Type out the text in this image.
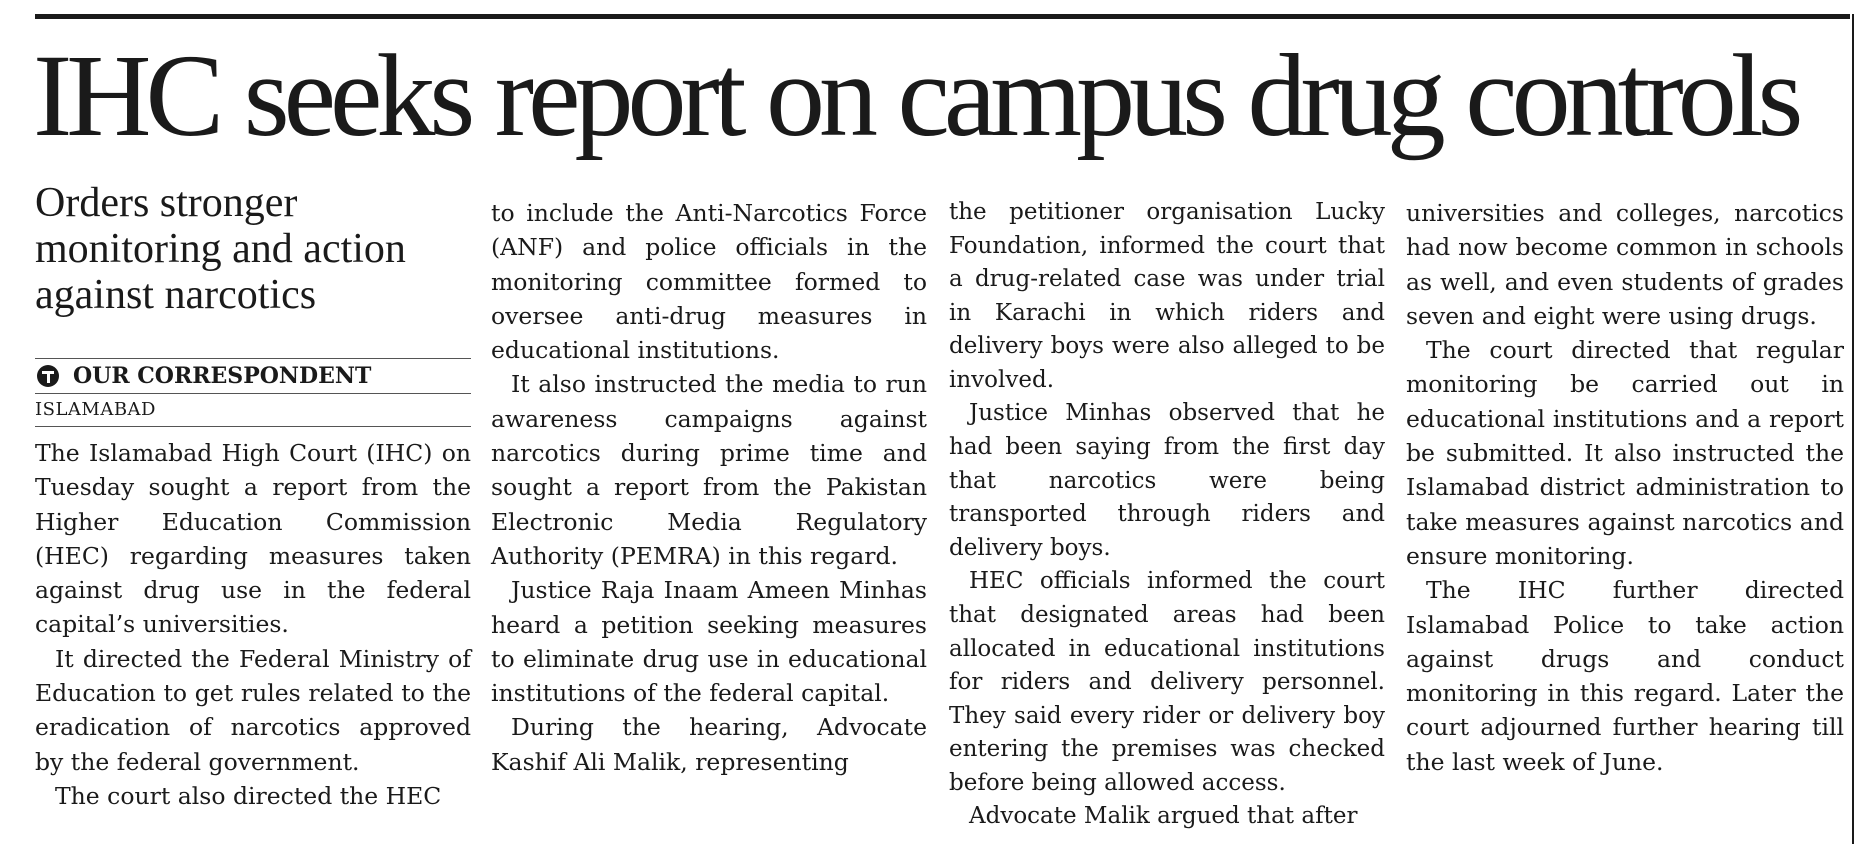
IHC seeks report on campus drug controls
Orders stronger monitoring and action against narcotics
OUR CORRESPONDENT
ISLAMABAD

The Islamabad High Court (IHC) on Tuesday sought a report from the Higher Education Commission (HEC) regarding measures taken against drug use in the federal capital’s universities.

It directed the Federal Ministry of Education to get rules related to the eradication of narcotics approved by the federal government.

The court also directed the HEC

to include the Anti-Narcotics Force (ANF) and police officials in the monitoring committee formed to oversee anti-drug measures in educational institutions.

It also instructed the media to run awareness campaigns against narcotics during prime time and sought a report from the Pakistan Electronic Media Regulatory Authority (PEMRA) in this regard.

Justice Raja Inaam Ameen Minhas heard a petition seeking measures to eliminate drug use in educational institutions of the federal capital.

During the hearing, Advocate Kashif Ali Malik, representing

the petitioner organisation Lucky Foundation, informed the court that a drug-related case was under trial in Karachi in which riders and delivery boys were also alleged to be involved.

Justice Minhas observed that he had been saying from the first day that narcotics were being transported through riders and delivery boys.

HEC officials informed the court that designated areas had been allocated in educational institutions for riders and delivery personnel. They said every rider or delivery boy entering the premises was checked before being allowed access.

Advocate Malik argued that after

universities and colleges, narcotics had now become common in schools as well, and even students of grades seven and eight were using drugs.

The court directed that regular monitoring be carried out in educational institutions and a report be submitted. It also instructed the Islamabad district administration to take measures against narcotics and ensure monitoring.

The IHC further directed Islamabad Police to take action against drugs and conduct monitoring in this regard. Later the court adjourned further hearing till the last week of June.
